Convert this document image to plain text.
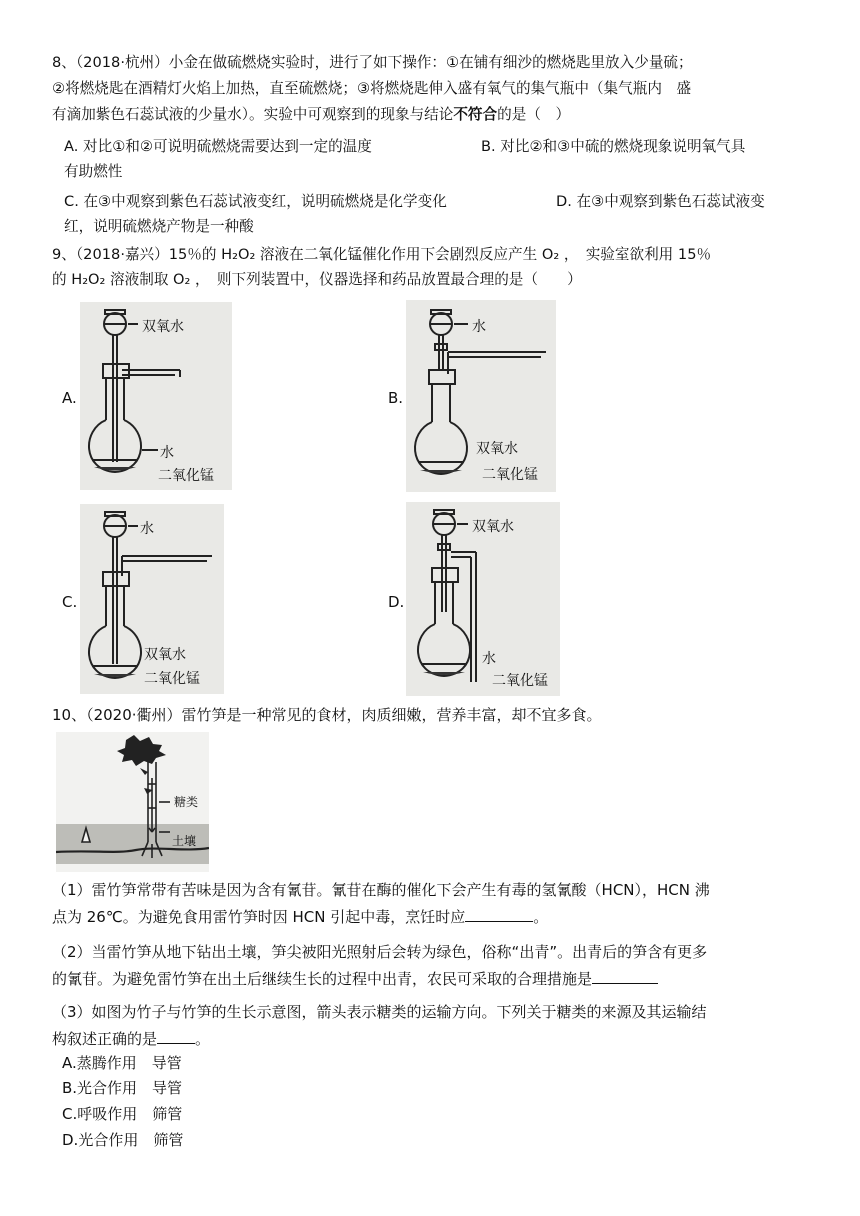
8、（2018·杭州）小金在做硫燃烧实验时，进行了如下操作：①在铺有细沙的燃烧匙里放入少量硫；
②将燃烧匙在酒精灯火焰上加热，直至硫燃烧；③将燃烧匙伸入盛有氧气的集气瓶中（集气瓶内　盛
有滴加紫色石蕊试液的少量水）。实验中可观察到的现象与结论不符合的是（　）
A. 对比①和②可说明硫燃烧需要达到一定的温度	B. 对比②和③中硫的燃烧现象说明氧气具
有助燃性
C. 在③中观察到紫色石蕊试液变红，说明硫燃烧是化学变化	D. 在③中观察到紫色石蕊试液变
红，说明硫燃烧产物是一种酸
9、（2018·嘉兴）15％的 H₂O₂ 溶液在二氧化锰催化作用下会剧烈反应产生 O₂ ，　实验室欲利用 15％
的 H₂O₂ 溶液制取 O₂ ，　则下列装置中，仪器选择和药品放置最合理的是（　　）
A.	B.
C.	D.
双氧水
水
二氧化锰
水
双氧水
二氧化锰
水
双氧水
二氧化锰
双氧水
水
二氧化锰
10、（2020·衢州）雷竹笋是一种常见的食材，肉质细嫩，营养丰富，却不宜多食。
糖类
土壤
（1）雷竹笋常带有苦味是因为含有氰苷。氰苷在酶的催化下会产生有毒的氢氰酸（HCN），HCN 沸
点为 26℃。为避免食用雷竹笋时因 HCN 引起中毒，烹饪时应	。
（2）当雷竹笋从地下钻出土壤，笋尖被阳光照射后会转为绿色，俗称“出青”。出青后的笋含有更多
的氰苷。为避免雷竹笋在出土后继续生长的过程中出青，农民可采取的合理措施是
（3）如图为竹子与竹笋的生长示意图，箭头表示糖类的运输方向。下列关于糖类的来源及其运输结
构叙述正确的是	。
A.蒸腾作用　导管
B.光合作用　导管
C.呼吸作用　筛管
D.光合作用　筛管
